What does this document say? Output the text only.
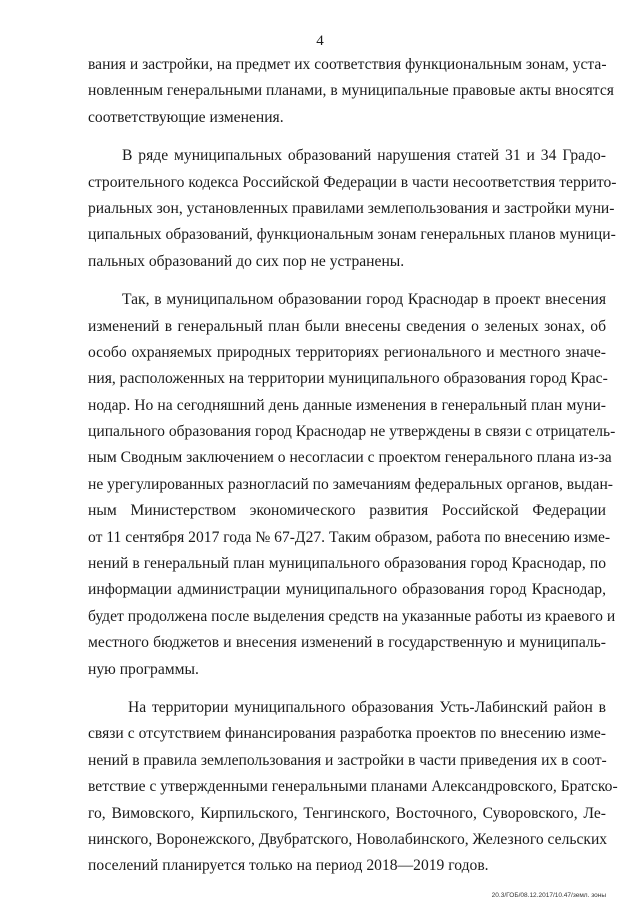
4
вания и застройки, на предмет их соответствия функциональным зонам, уста-
новленным генеральными планами, в муниципальные правовые акты вносятся
соответствующие изменения.
В ряде муниципальных образований нарушения статей 31 и 34 Градо-
строительного кодекса Российской Федерации в части несоответствия террито-
риальных зон, установленных правилами землепользования и застройки муни-
ципальных образований, функциональным зонам генеральных планов муници-
пальных образований до сих пор не устранены.
Так, в муниципальном образовании город Краснодар в проект внесения
изменений в генеральный план были внесены сведения о зеленых зонах, об
особо охраняемых природных территориях регионального и местного значе-
ния, расположенных на территории муниципального образования город Крас-
нодар. Но на сегодняшний день данные изменения в генеральный план муни-
ципального образования город Краснодар не утверждены в связи с отрицатель-
ным Сводным заключением о несогласии с проектом генерального плана из-за
не урегулированных разногласий по замечаниям федеральных органов, выдан-
ным Министерством экономического развития Российской Федерации
от 11 сентября 2017 года № 67-Д27. Таким образом, работа по внесению изме-
нений в генеральный план муниципального образования город Краснодар, по
информации администрации муниципального образования город Краснодар,
будет продолжена после выделения средств на указанные работы из краевого и
местного бюджетов и внесения изменений в государственную и муниципаль-
ную программы.
На территории муниципального образования Усть-Лабинский район в
связи с отсутствием финансирования разработка проектов по внесению изме-
нений в правила землепользования и застройки в части приведения их в соот-
ветствие с утвержденными генеральными планами Александровского, Братско-
го, Вимовского, Кирпильского, Тенгинского, Восточного, Суворовского, Ле-
нинского, Воронежского, Двубратского, Новолабинского, Железного сельских
поселений планируется только на период 2018—2019 годов.
20.3/ГОБ/08.12.2017/10.47/земл. зоны
